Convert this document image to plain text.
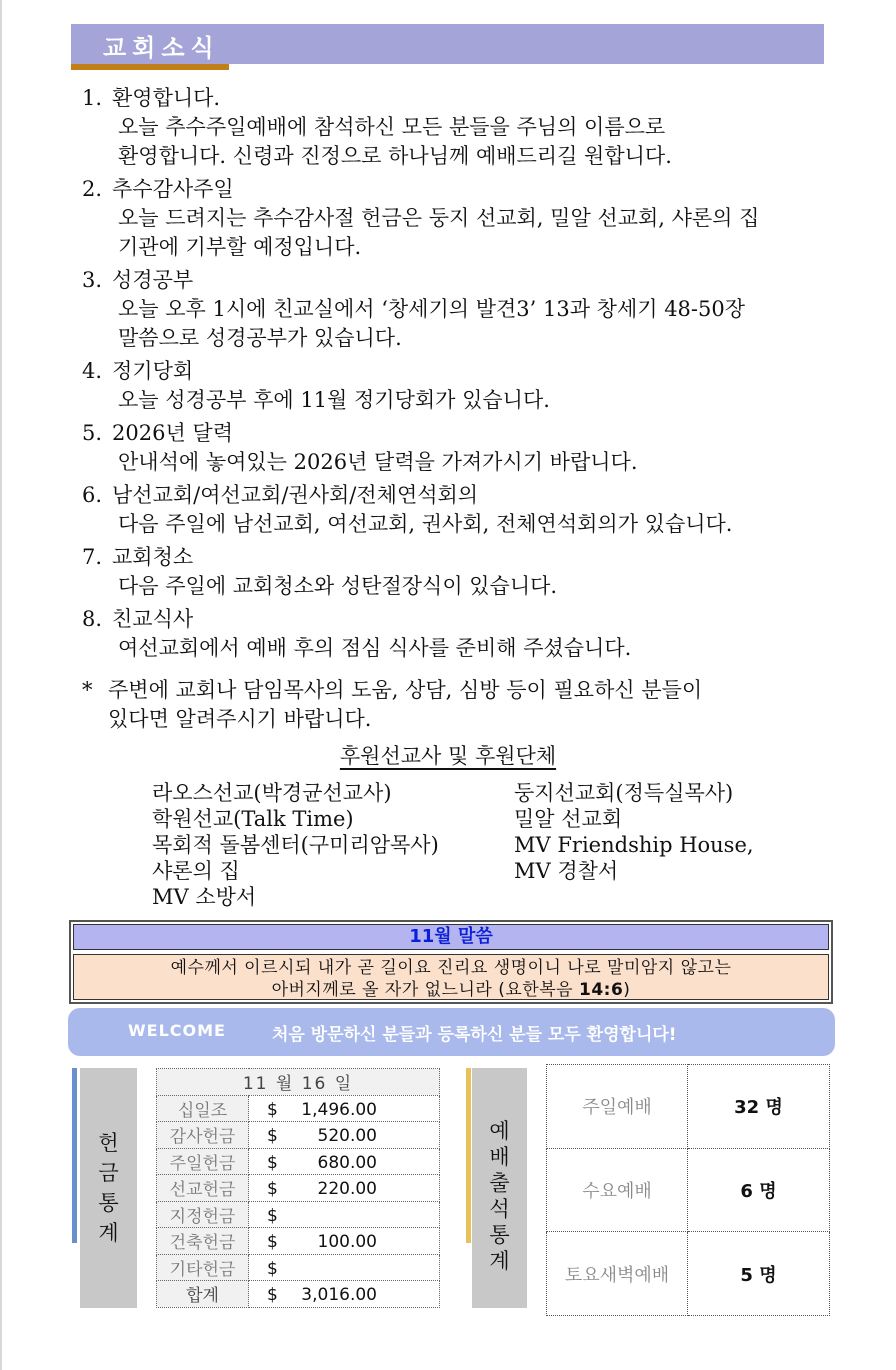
교회소식
1. 환영합니다.
오늘 추수주일예배에 참석하신 모든 분들을 주님의 이름으로
환영합니다. 신령과 진정으로 하나님께 예배드리길 원합니다.
2. 추수감사주일
오늘 드려지는 추수감사절 헌금은 둥지 선교회, 밀알 선교회, 샤론의 집
기관에 기부할 예정입니다.
3. 성경공부
오늘 오후 1시에 친교실에서 ‘창세기의 발견3’ 13과 창세기 48-50장
말씀으로 성경공부가 있습니다.
4. 정기당회
오늘 성경공부 후에 11월 정기당회가 있습니다.
5. 2026년 달력
안내석에 놓여있는 2026년 달력을 가져가시기 바랍니다.
6. 남선교회/여선교회/권사회/전체연석회의
다음 주일에 남선교회, 여선교회, 권사회, 전체연석회의가 있습니다.
7. 교회청소
다음 주일에 교회청소와 성탄절장식이 있습니다.
8. 친교식사
여선교회에서 예배 후의 점심 식사를 준비해 주셨습니다.
* 주변에 교회나 담임목사의 도움, 상담, 심방 등이 필요하신 분들이
있다면 알려주시기 바랍니다.
후원선교사 및 후원단체
라오스선교(박경균선교사)
학원선교(Talk Time)
목회적 돌봄센터(구미리암목사)
샤론의 집
MV 소방서
둥지선교회(정득실목사)
밀알 선교회
MV Friendship House,
MV 경찰서
11월 말씀
예수께서 이르시되 내가 곧 길이요 진리요 생명이니 나로 말미암지 않고는
아버지께로 올 자가 없느니라 (요한복음 14:6)
WELCOME	처음 방문하신 분들과 등록하신 분들 모두 환영합니다!
헌
금
통
계
11 월 16 일	
십일조	$ 1,496.00

감사헌금	$ 520.00

주일헌금	$ 680.00

선교헌금	$ 220.00

지정헌금	$

건축헌금	$ 100.00

기타헌금	$

합계	$ 3,016.00
예
배
출
석
통
계
주일예배	32 명
수요예배	6 명
토요새벽예배	5 명
